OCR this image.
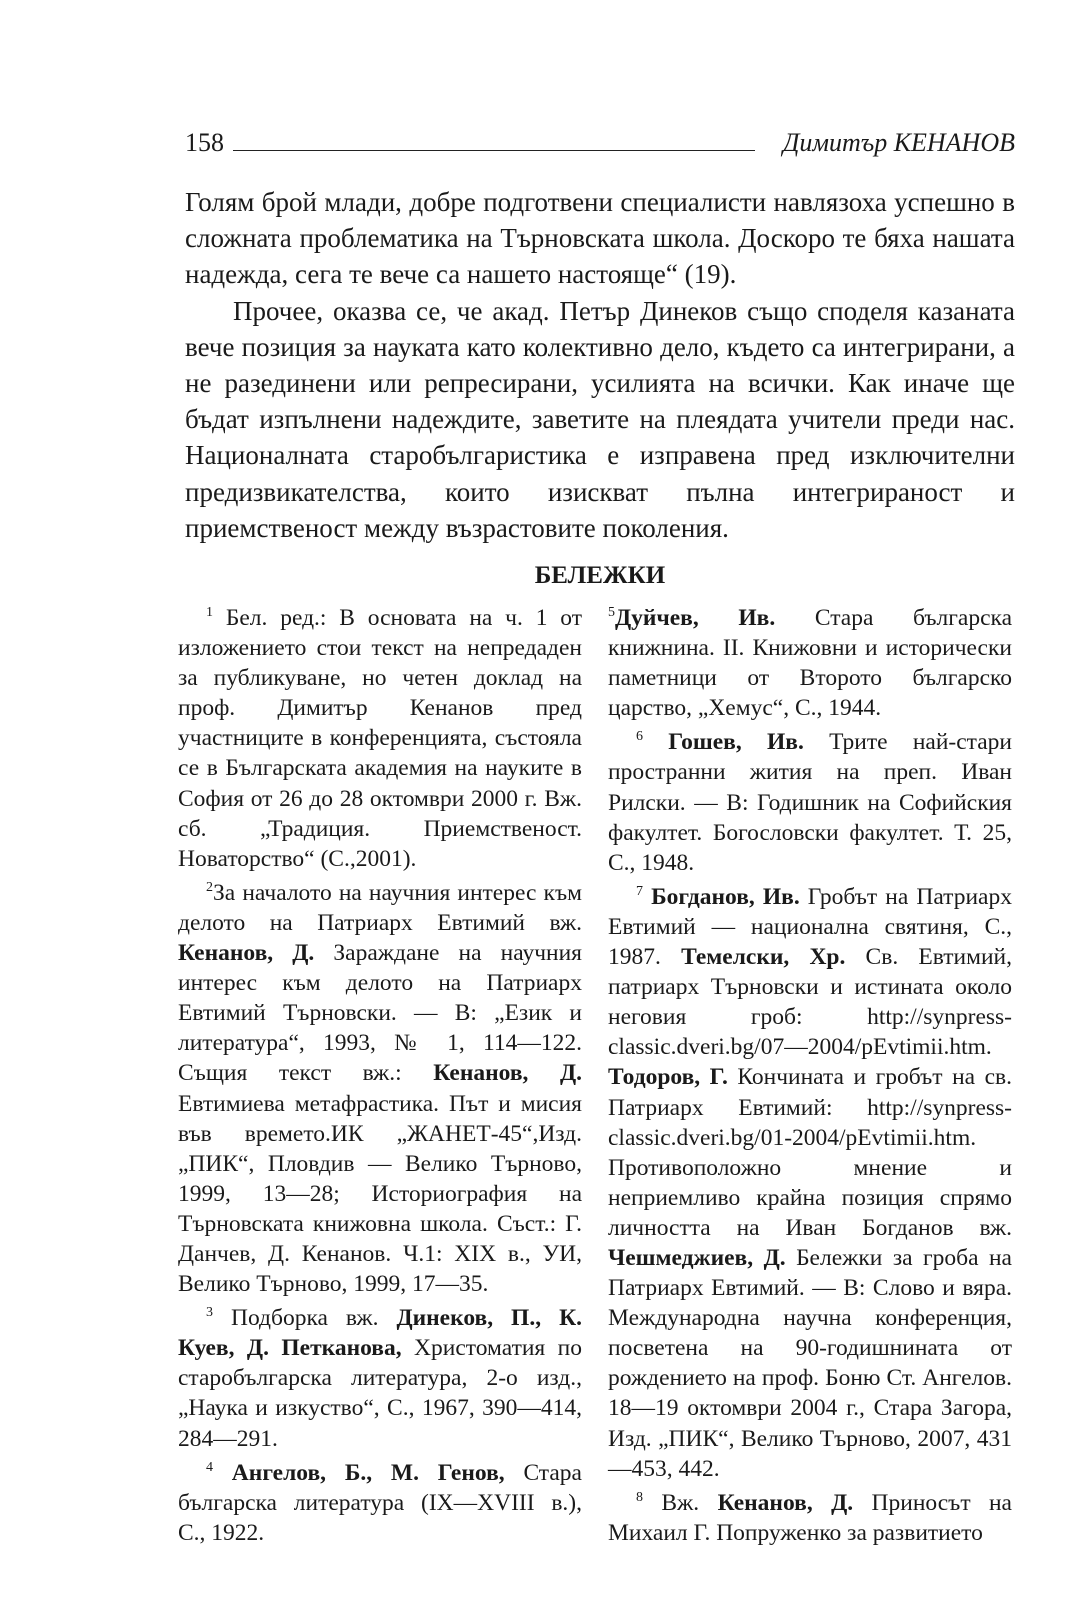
158	Димитър КЕНАНОВ

Голям брой млади, добре подготвени специалисти навлязоха успешно в сложната проблематика на Търновската школа. Доскоро те бяха нашата надежда, сега те вече са нашето настояще“ (19).

Прочее, оказва се, че акад. Петър Динеков също споделя казаната вече позиция за науката като колективно дело, където са интегрирани, а не разединени или репресирани, усилията на всички. Как иначе ще бъдат изпълнени надеждите, заветите на плеядата учители преди нас. Националната старобългаристика е изправена пред изключителни предизвикателства, които изискват пълна интегрираност и приемственост между възрастовите поколения.

БЕЛЕЖКИ

$^1$ Бел. ред.: В основата на ч. 1 от изложението стои текст на непредаден за публикуване, но четен доклад на проф. Димитър Кенанов пред участниците в конференцията, състояла се в Българската академия на науките в София от 26 до 28 октомври 2000 г. Вж. сб. „Традиция. Приемственост. Новаторство“ (С.,2001).

$^2$За началото на научния интерес към делото на Патриарх Евтимий вж. Кенанов, Д. Зараждане на научния интерес към делото на Патриарх Евтимий Търновски. — В: „Език и литература“, 1993, № 1, 114—122. Същия текст вж.: Кенанов, Д. Евтимиева метафрастика. Път и мисия във времето.ИК „ЖАНЕТ-45“,Изд. „ПИК“, Пловдив — Велико Търново, 1999, 13—28; Историография на Търновската книжовна школа. Съст.: Г. Данчев, Д. Кенанов. Ч.1: XIX в., УИ, Велико Търново, 1999, 17—35.

$^3$ Подборка вж. Динеков, П., К. Куев, Д. Петканова, Христоматия по старобългарска литература, 2-о изд., „Наука и изкуство“, С., 1967, 390—414, 284—291.

$^4$ Ангелов, Б., М. Генов, Стара българска литература (IX—XVIII в.), С., 1922.

$^5$Дуйчев, Ив. Стара българска книжнина. II. Книжовни и исторически паметници от Второто българско царство, „Хемус“, С., 1944.

$^6$ Гошев, Ив. Трите най-стари пространни жития на преп. Иван Рилски. — В: Годишник на Софийския факултет. Богословски факултет. Т. 25, С., 1948.

$^7$ Богданов, Ив. Гробът на Патриарх Евтимий — национална святиня, С., 1987. Темелски, Хр. Св. Евтимий, патриарх Търновски и истината около неговия гроб: http://synpress-classic.dveri.bg/07—2004/pEvtimii.htm. Тодоров, Г. Кончината и гробът на св. Патриарх Евтимий: http://synpress-classic.dveri.bg/01-2004/pEvtimii.htm. Противоположно мнение и неприемливо крайна позиция спрямо личността на Иван Богданов вж. Чешмеджиев, Д. Бележки за гроба на Патриарх Евтимий. — В: Слово и вяра. Международна научна конференция, посветена на 90-годишнината от рождението на проф. Боню Ст. Ангелов. 18—19 октомври 2004 г., Стара Загора, Изд. „ПИК“, Велико Търново, 2007, 431—453, 442.

$^8$ Вж. Кенанов, Д. Приносът на Михаил Г. Попруженко за развитието
